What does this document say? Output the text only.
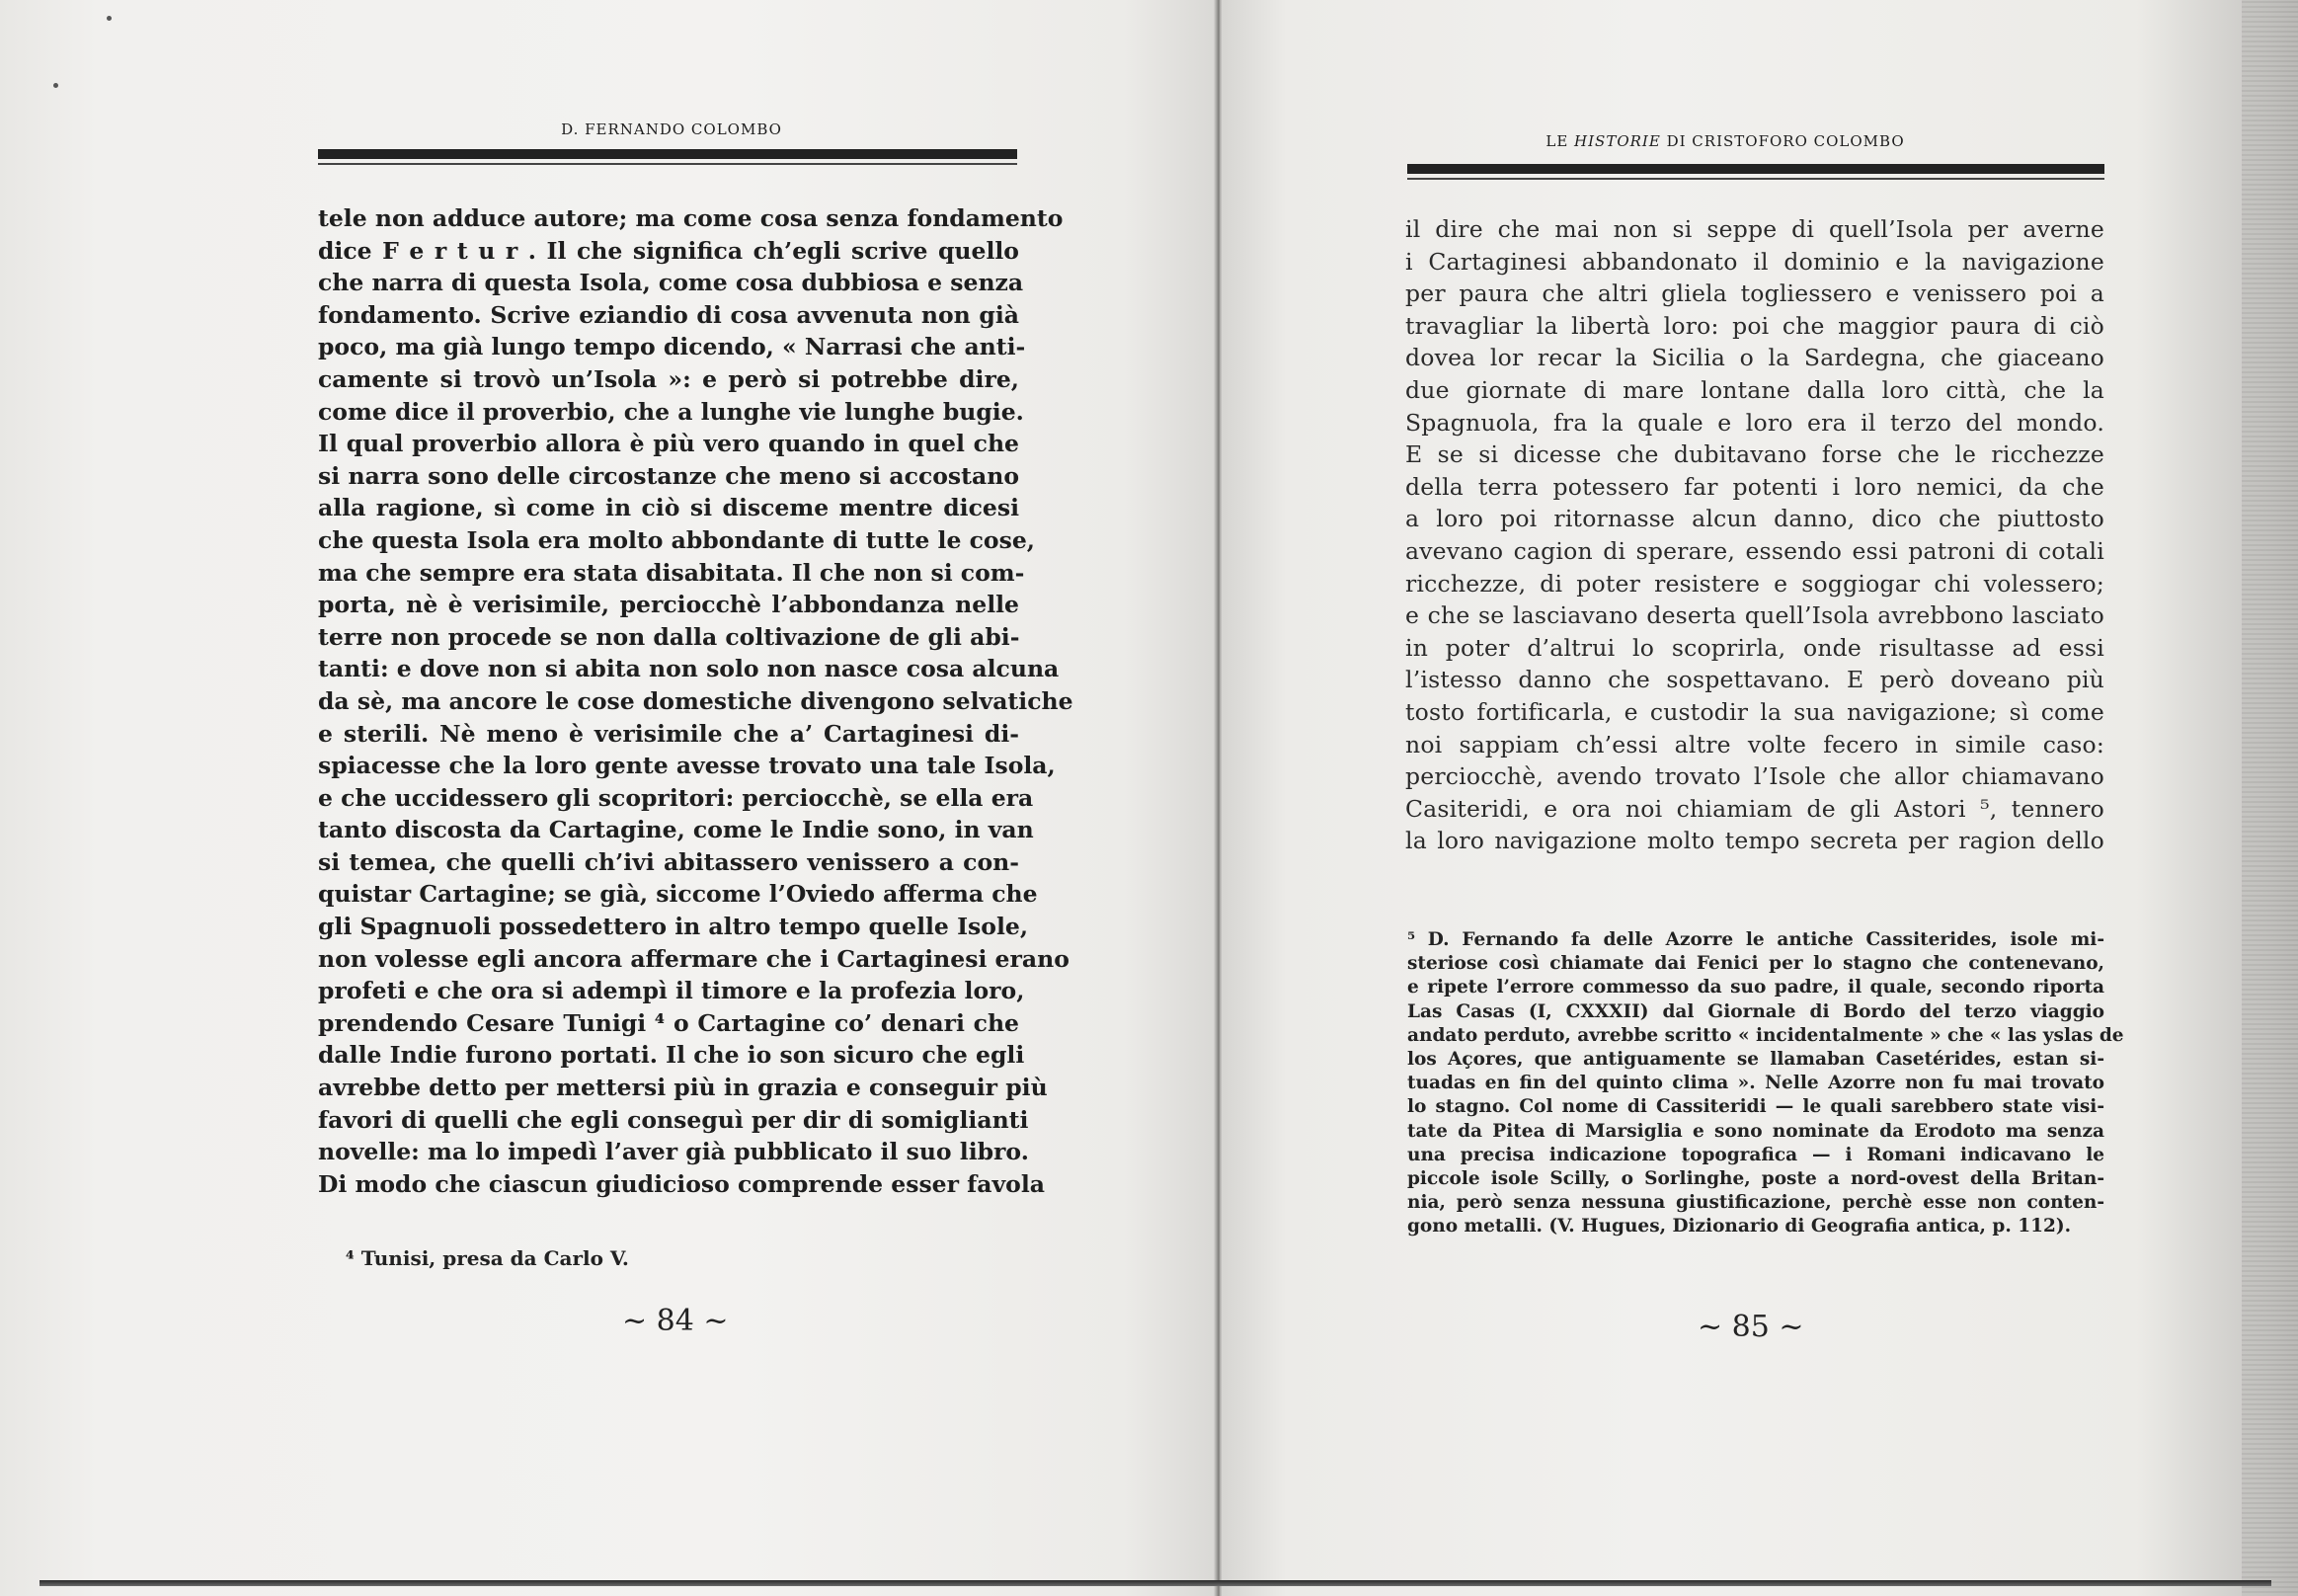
D. FERNANDO COLOMBO
tele non adduce autore; ma come cosa senza fondamento
dice F e r t u r . Il che significa ch’egli scrive quello
che narra di questa Isola, come cosa dubbiosa e senza
fondamento. Scrive eziandio di cosa avvenuta non già
poco, ma già lungo tempo dicendo, « Narrasi che anti-
camente si trovò un’Isola »: e però si potrebbe dire,
come dice il proverbio, che a lunghe vie lunghe bugie.
Il qual proverbio allora è più vero quando in quel che
si narra sono delle circostanze che meno si accostano
alla ragione, sì come in ciò si disceme mentre dicesi
che questa Isola era molto abbondante di tutte le cose,
ma che sempre era stata disabitata. Il che non si com-
porta, nè è verisimile, perciocchè l’abbondanza nelle
terre non procede se non dalla coltivazione de gli abi-
tanti: e dove non si abita non solo non nasce cosa alcuna
da sè, ma ancore le cose domestiche divengono selvatiche
e sterili. Nè meno è verisimile che a’ Cartaginesi di-
spiacesse che la loro gente avesse trovato una tale Isola,
e che uccidessero gli scopritori: perciocchè, se ella era
tanto discosta da Cartagine, come le Indie sono, in van
si temea, che quelli ch’ivi abitassero venissero a con-
quistar Cartagine; se già, siccome l’Oviedo afferma che
gli Spagnuoli possedettero in altro tempo quelle Isole,
non volesse egli ancora affermare che i Cartaginesi erano
profeti e che ora si adempì il timore e la profezia loro,
prendendo Cesare Tunigi ⁴ o Cartagine co’ denari che
dalle Indie furono portati. Il che io son sicuro che egli
avrebbe detto per mettersi più in grazia e conseguir più
favori di quelli che egli conseguì per dir di somiglianti
novelle: ma lo impedì l’aver già pubblicato il suo libro.
Di modo che ciascun giudicioso comprende esser favola
⁴ Tunisi, presa da Carlo V.
~ 84 ~
LE HISTORIE DI CRISTOFORO COLOMBO
il dire che mai non si seppe di quell’Isola per averne
i Cartaginesi abbandonato il dominio e la navigazione
per paura che altri gliela togliessero e venissero poi a
travagliar la libertà loro: poi che maggior paura di ciò
dovea lor recar la Sicilia o la Sardegna, che giaceano
due giornate di mare lontane dalla loro città, che la
Spagnuola, fra la quale e loro era il terzo del mondo.
E se si dicesse che dubitavano forse che le ricchezze
della terra potessero far potenti i loro nemici, da che
a loro poi ritornasse alcun danno, dico che piuttosto
avevano cagion di sperare, essendo essi patroni di cotali
ricchezze, di poter resistere e soggiogar chi volessero;
e che se lasciavano deserta quell’Isola avrebbono lasciato
in poter d’altrui lo scoprirla, onde risultasse ad essi
l’istesso danno che sospettavano. E però doveano più
tosto fortificarla, e custodir la sua navigazione; sì come
noi sappiam ch’essi altre volte fecero in simile caso:
perciocchè, avendo trovato l’Isole che allor chiamavano
Casiteridi, e ora noi chiamiam de gli Astori ⁵, tennero
la loro navigazione molto tempo secreta per ragion dello
⁵ D. Fernando fa delle Azorre le antiche Cassiterides, isole mi-
steriose così chiamate dai Fenici per lo stagno che contenevano,
e ripete l’errore commesso da suo padre, il quale, secondo riporta
Las Casas (I, CXXXII) dal Giornale di Bordo del terzo viaggio
andato perduto, avrebbe scritto « incidentalmente » che « las yslas de
los Açores, que antiguamente se llamaban Casetérides, estan si-
tuadas en fin del quinto clima ». Nelle Azorre non fu mai trovato
lo stagno. Col nome di Cassiteridi — le quali sarebbero state visi-
tate da Pitea di Marsiglia e sono nominate da Erodoto ma senza
una precisa indicazione topografica — i Romani indicavano le
piccole isole Scilly, o Sorlinghe, poste a nord-ovest della Britan-
nia, però senza nessuna giustificazione, perchè esse non conten-
gono metalli. (V. Hugues, Dizionario di Geografia antica, p. 112).
~ 85 ~
